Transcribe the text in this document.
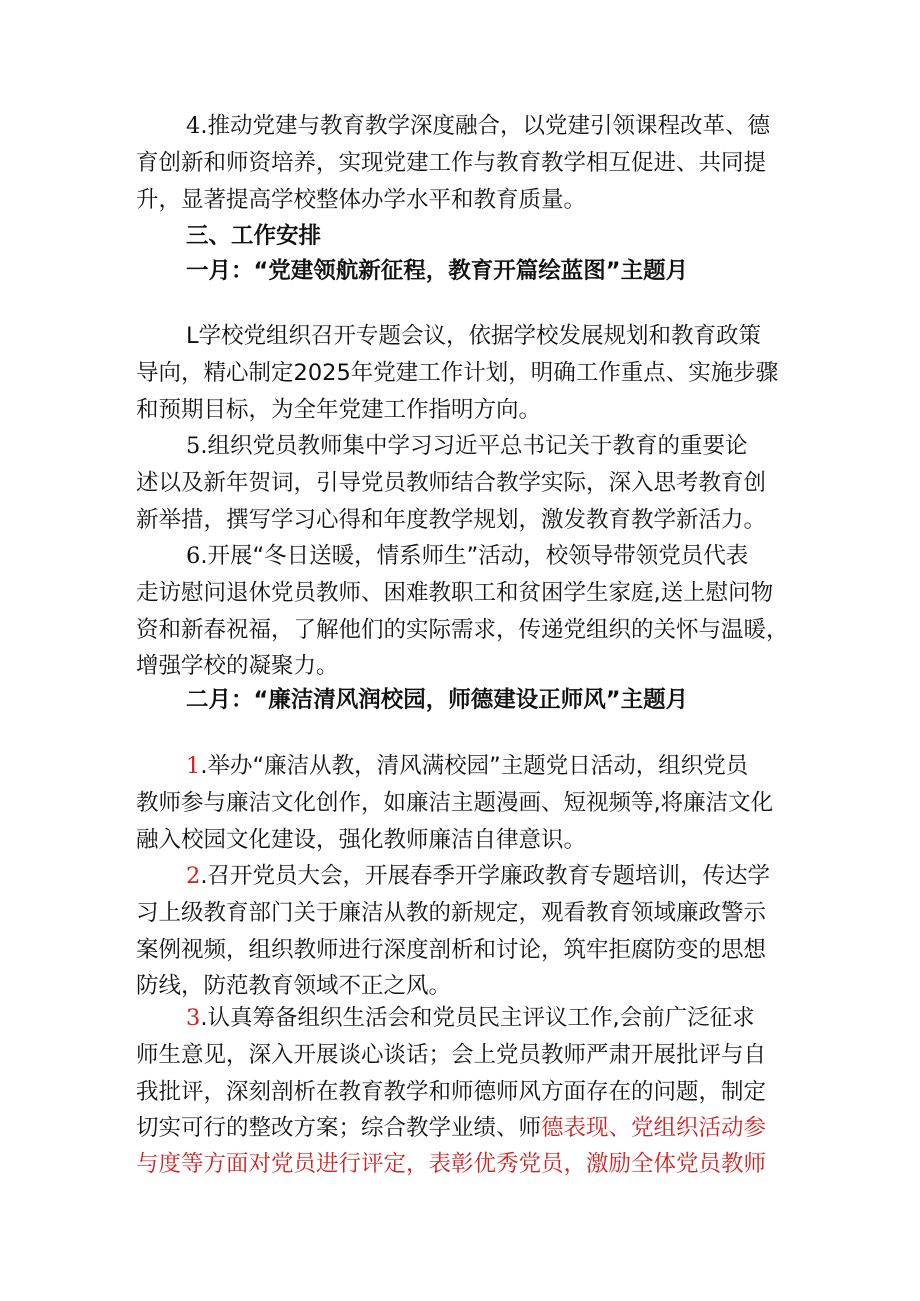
4.推动党建与教育教学深度融合，以党建引领课程改革、德
育创新和师资培养，实现党建工作与教育教学相互促进、共同提
升，显著提高学校整体办学水平和教育质量。
三、工作安排
一月：“党建领航新征程，教育开篇绘蓝图”主题月
L学校党组织召开专题会议，依据学校发展规划和教育政策
导向，精心制定2025年党建工作计划，明确工作重点、实施步骤
和预期目标，为全年党建工作指明方向。
5.组织党员教师集中学习习近平总书记关于教育的重要论
述以及新年贺词，引导党员教师结合教学实际，深入思考教育创
新举措，撰写学习心得和年度教学规划，激发教育教学新活力。
6.开展“冬日送暖，情系师生”活动，校领导带领党员代表
走访慰问退休党员教师、困难教职工和贫困学生家庭,送上慰问物
资和新春祝福，了解他们的实际需求，传递党组织的关怀与温暖，
增强学校的凝聚力。
二月：“廉洁清风润校园，师德建设正师风”主题月
1.举办“廉洁从教，清风满校园”主题党日活动，组织党员
教师参与廉洁文化创作，如廉洁主题漫画、短视频等,将廉洁文化
融入校园文化建设，强化教师廉洁自律意识。
2.召开党员大会，开展春季开学廉政教育专题培训，传达学
习上级教育部门关于廉洁从教的新规定，观看教育领域廉政警示
案例视频，组织教师进行深度剖析和讨论，筑牢拒腐防变的思想
防线，防范教育领域不正之风。
3.认真筹备组织生活会和党员民主评议工作,会前广泛征求
师生意见，深入开展谈心谈话；会上党员教师严肃开展批评与自
我批评，深刻剖析在教育教学和师德师风方面存在的问题，制定
切实可行的整改方案；综合教学业绩、师德表现、党组织活动参
与度等方面对党员进行评定，表彰优秀党员，激励全体党员教师
